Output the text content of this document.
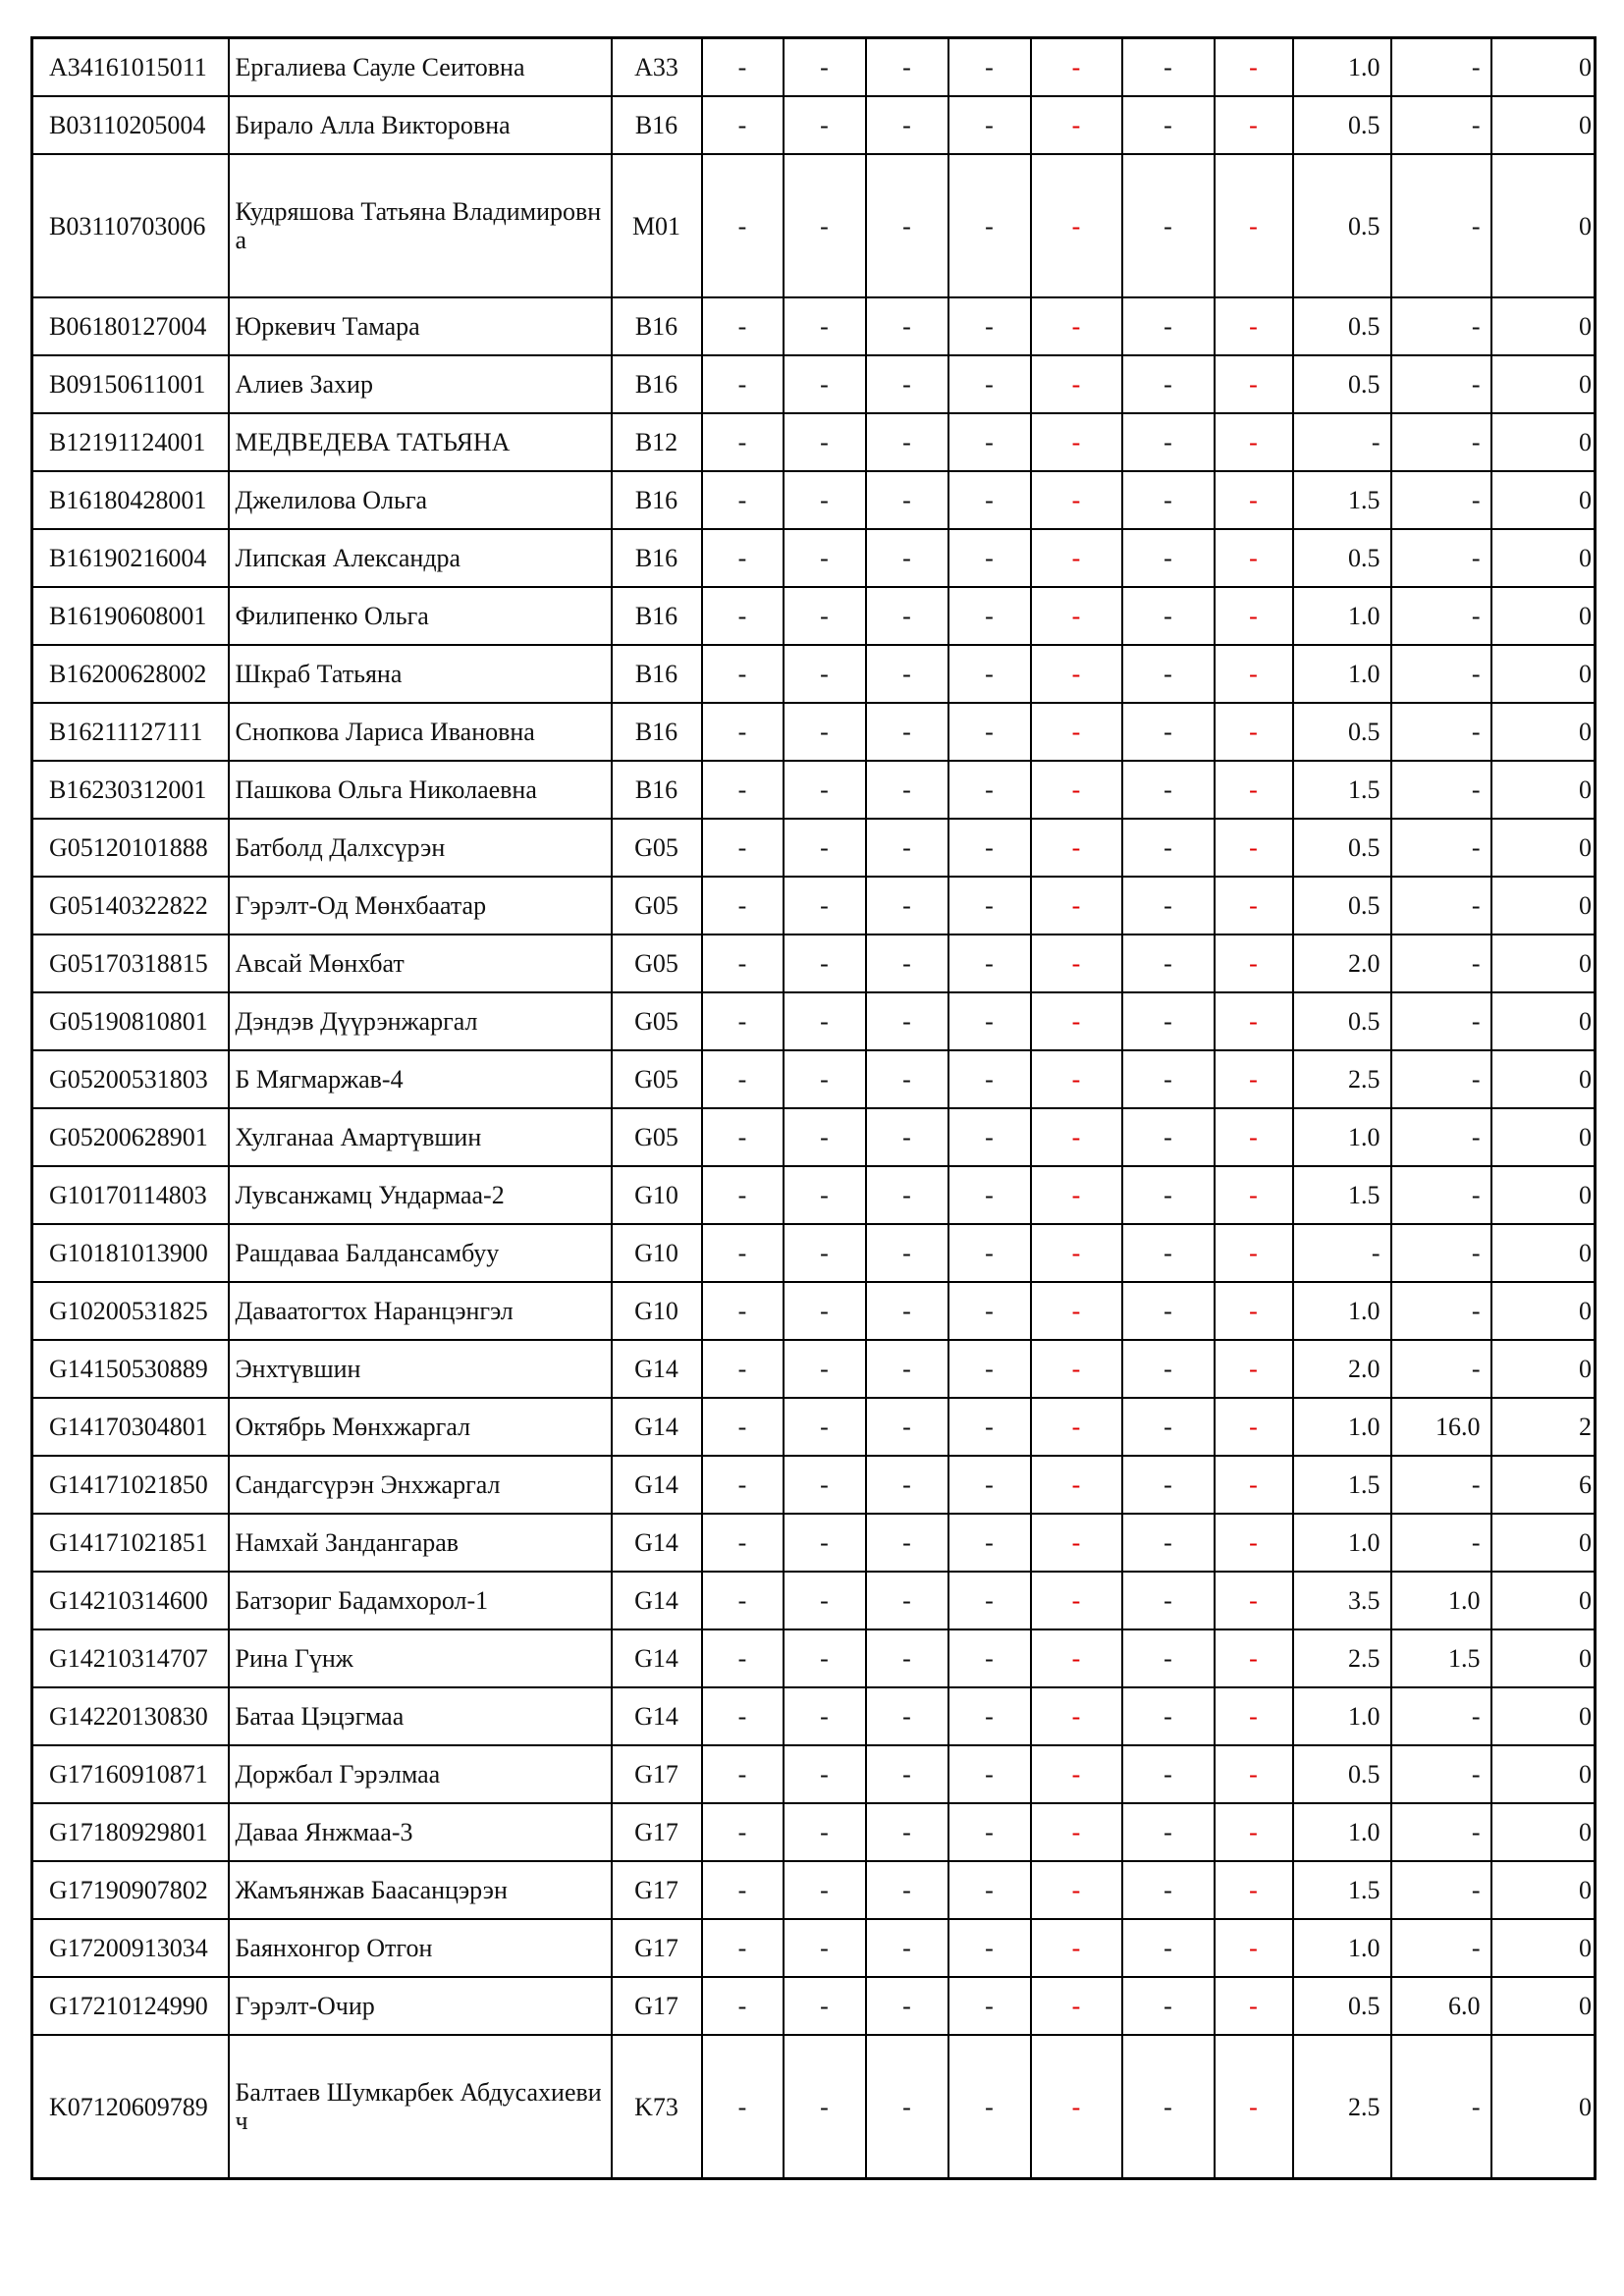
A34161015011	Ергалиева Сауле Сеитовна	A33	-	-	-	-	-	-	-	1.0	-	0
B03110205004	Бирало Алла Викторовна	B16	-	-	-	-	-	-	-	0.5	-	0
B03110703006	Кудряшова Татьяна Владимировна	M01	-	-	-	-	-	-	-	0.5	-	0
B06180127004	Юркевич Тамара	B16	-	-	-	-	-	-	-	0.5	-	0
B09150611001	Алиев Захир	B16	-	-	-	-	-	-	-	0.5	-	0
B12191124001	МЕДВЕДЕВА ТАТЬЯНА	B12	-	-	-	-	-	-	-	-	-	0
B16180428001	Джелилова Ольга	B16	-	-	-	-	-	-	-	1.5	-	0
B16190216004	Липская Александра	B16	-	-	-	-	-	-	-	0.5	-	0
B16190608001	Филипенко Ольга	B16	-	-	-	-	-	-	-	1.0	-	0
B16200628002	Шкраб Татьяна	B16	-	-	-	-	-	-	-	1.0	-	0
B16211127111	Снопкова Лариса Ивановна	B16	-	-	-	-	-	-	-	0.5	-	0
B16230312001	Пашкова Ольга Николаевна	B16	-	-	-	-	-	-	-	1.5	-	0
G05120101888	Батболд Далхсүрэн	G05	-	-	-	-	-	-	-	0.5	-	0
G05140322822	Гэрэлт-Од Мөнхбаатар	G05	-	-	-	-	-	-	-	0.5	-	0
G05170318815	Авсай Мөнхбат	G05	-	-	-	-	-	-	-	2.0	-	0
G05190810801	Дэндэв Дүүрэнжаргал	G05	-	-	-	-	-	-	-	0.5	-	0
G05200531803	Б Мягмаржав-4	G05	-	-	-	-	-	-	-	2.5	-	0
G05200628901	Хулганаа Амартүвшин	G05	-	-	-	-	-	-	-	1.0	-	0
G10170114803	Лувсанжамц Ундармаа-2	G10	-	-	-	-	-	-	-	1.5	-	0
G10181013900	Рашдаваа Балдансамбуу	G10	-	-	-	-	-	-	-	-	-	0
G10200531825	Даваатогтох Наранцэнгэл	G10	-	-	-	-	-	-	-	1.0	-	0
G14150530889	Энхтүвшин	G14	-	-	-	-	-	-	-	2.0	-	0
G14170304801	Октябрь Мөнхжаргал	G14	-	-	-	-	-	-	-	1.0	16.0	2
G14171021850	Сандагсүрэн Энхжаргал	G14	-	-	-	-	-	-	-	1.5	-	6
G14171021851	Намхай Зандангарав	G14	-	-	-	-	-	-	-	1.0	-	0
G14210314600	Батзориг Бадамхорол-1	G14	-	-	-	-	-	-	-	3.5	1.0	0
G14210314707	Рина Гүнж	G14	-	-	-	-	-	-	-	2.5	1.5	0
G14220130830	Батаа Цэцэгмаа	G14	-	-	-	-	-	-	-	1.0	-	0
G17160910871	Доржбал Гэрэлмаа	G17	-	-	-	-	-	-	-	0.5	-	0
G17180929801	Даваа Янжмаа-3	G17	-	-	-	-	-	-	-	1.0	-	0
G17190907802	Жамъянжав Баасанцэрэн	G17	-	-	-	-	-	-	-	1.5	-	0
G17200913034	Баянхонгор Отгон	G17	-	-	-	-	-	-	-	1.0	-	0
G17210124990	Гэрэлт-Очир	G17	-	-	-	-	-	-	-	0.5	6.0	0
K07120609789	Балтаев Шумкарбек Абдусахиевич	K73	-	-	-	-	-	-	-	2.5	-	0
